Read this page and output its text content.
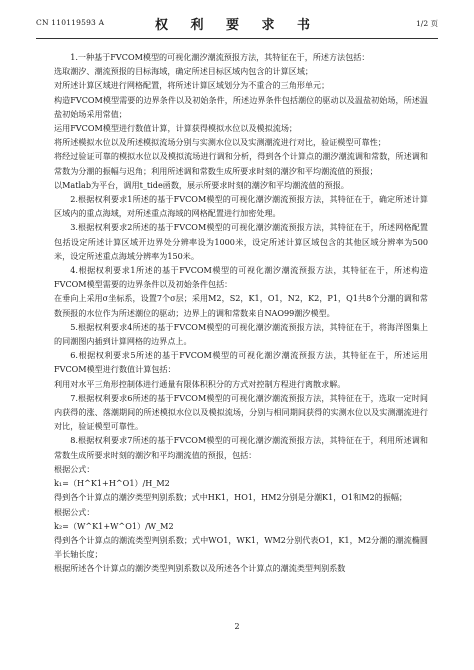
CN 110119593 A	权 利 要 求 书	1/2 页

1.一种基于FVCOM模型的可视化潮汐潮流预报方法，其特征在于，所述方法包括：

选取潮汐、潮流预报的目标海域，确定所述目标区域内包含的计算区域；

对所述计算区域进行网格配置，将所述计算区域划分为不重合的三角形单元；

构造FVCOM模型需要的边界条件以及初始条件，所述边界条件包括潮位的驱动以及温盐初始场，所述温盐初始场采用常值；

运用FVCOM模型进行数值计算，计算获得模拟水位以及模拟流场；

将所述模拟水位以及所述模拟流场分别与实测水位以及实测潮流进行对比，验证模型可靠性；

将经过验证可靠的模拟水位以及模拟流场进行调和分析，得到各个计算点的潮汐潮流调和常数，所述调和常数为分潮的振幅与迟角；利用所述调和常数生成所要求时刻的潮汐和平均潮流值的预报；

以Matlab为平台，调用t_tide函数，展示所要求时刻的潮汐和平均潮流值的预报。

2.根据权利要求1所述的基于FVCOM模型的可视化潮汐潮流预报方法，其特征在于，确定所述计算区域内的重点海域，对所述重点海域的网格配置进行加密处理。

3.根据权利要求2所述的基于FVCOM模型的可视化潮汐潮流预报方法，其特征在于，所述网格配置包括设定所述计算区域开边界处分辨率设为1000米，设定所述计算区域包含的其他区域分辨率为500米，设定所述重点海域分辨率为150米。

4.根据权利要求1所述的基于FVCOM模型的可视化潮汐潮流预报方法，其特征在于，所述构造FVCOM模型需要的边界条件以及初始条件包括：

在垂向上采用σ坐标系，设置7个σ层；采用M2，S2，K1，O1，N2，K2，P1，Q1共8个分潮的调和常数预报的水位作为所述潮位的驱动；边界上的调和常数来自NAO99潮汐模型。

5.根据权利要求4所述的基于FVCOM模型的可视化潮汐潮流预报方法，其特征在于，将海洋图集上的同潮图内插到计算网格的边界点上。

6.根据权利要求5所述的基于FVCOM模型的可视化潮汐潮流预报方法，其特征在于，所述运用FVCOM模型进行数值计算包括：

利用对水平三角形控制体进行通量有限体积积分的方式对控制方程进行离散求解。

7.根据权利要求6所述的基于FVCOM模型的可视化潮汐潮流预报方法，其特征在于，选取一定时间内获得的涨、落潮期间的所述模拟水位以及模拟流场，分别与相同期间获得的实测水位以及实测潮流进行对比，验证模型可靠性。

8.根据权利要求7所述的基于FVCOM模型的可视化潮汐潮流预报方法，其特征在于，利用所述调和常数生成所要求时刻的潮汐和平均潮流值的预报，包括：

根据公式：

k₁=（H^K1+H^O1）/H_M2

得到各个计算点的潮汐类型判别系数；式中HK1，HO1，HM2分别是分潮K1，O1和M2的振幅；

根据公式：

k₂=（W^K1+W^O1）/W_M2

得到各个计算点的潮流类型判别系数；式中WO1，WK1，WM2分别代表O1，K1，M2分潮的潮流椭圆半长轴长度；

根据所述各个计算点的潮汐类型判别系数以及所述各个计算点的潮流类型判别系数

2
